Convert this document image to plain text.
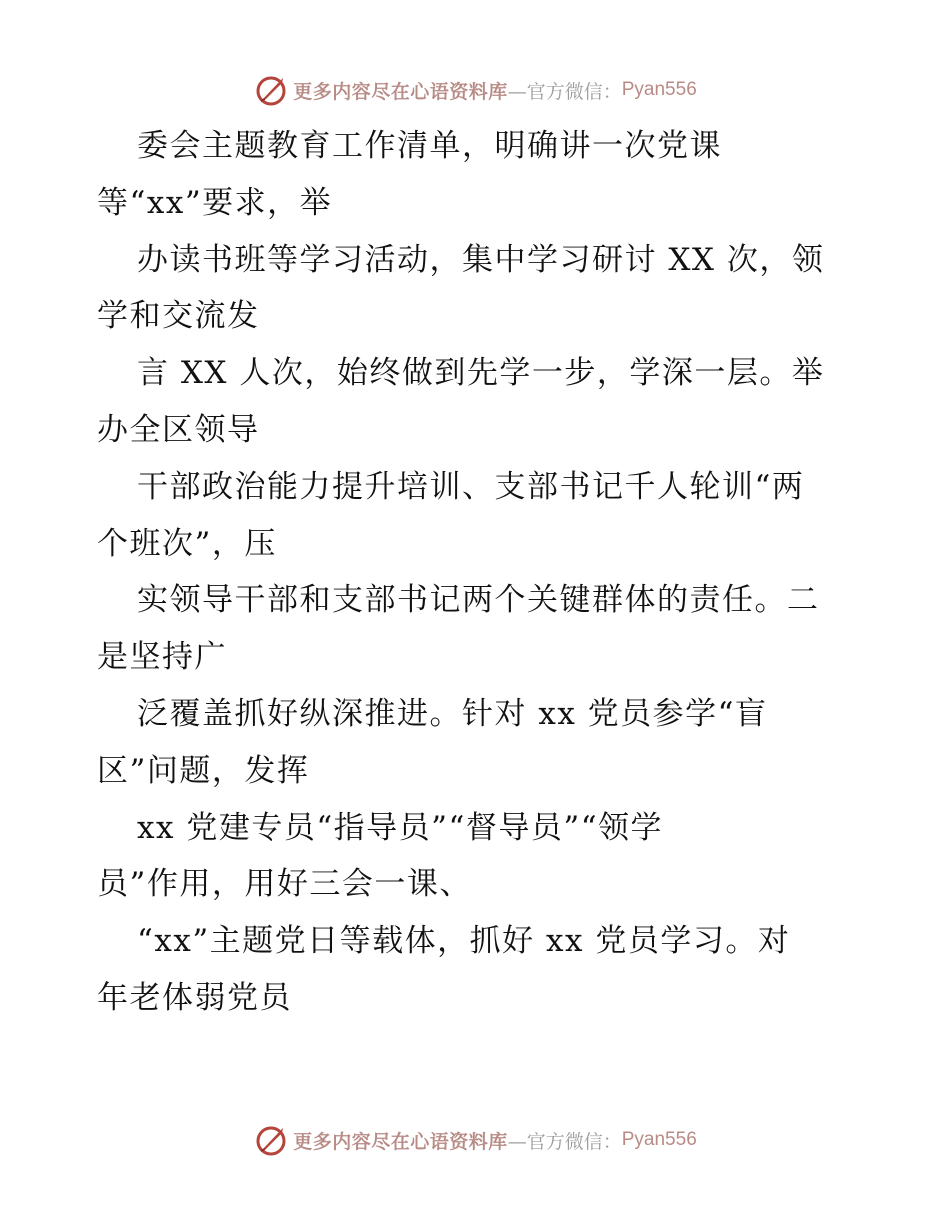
更多内容尽在心语资料库 —官方微信： Pyan556
委会主题教育工作清单，明确讲一次党课
等“xx”要求，举
办读书班等学习活动，集中学习研讨 XX 次，领
学和交流发
言 XX 人次，始终做到先学一步，学深一层。举
办全区领导
干部政治能力提升培训、支部书记千人轮训“两
个班次”，压
实领导干部和支部书记两个关键群体的责任。二
是坚持广
泛覆盖抓好纵深推进。针对 xx 党员参学“盲
区”问题，发挥
xx 党建专员“指导员”“督导员”“领学
员”作用，用好三会一课、
“xx”主题党日等载体，抓好 xx 党员学习。对
年老体弱党员
更多内容尽在心语资料库 —官方微信： Pyan556
